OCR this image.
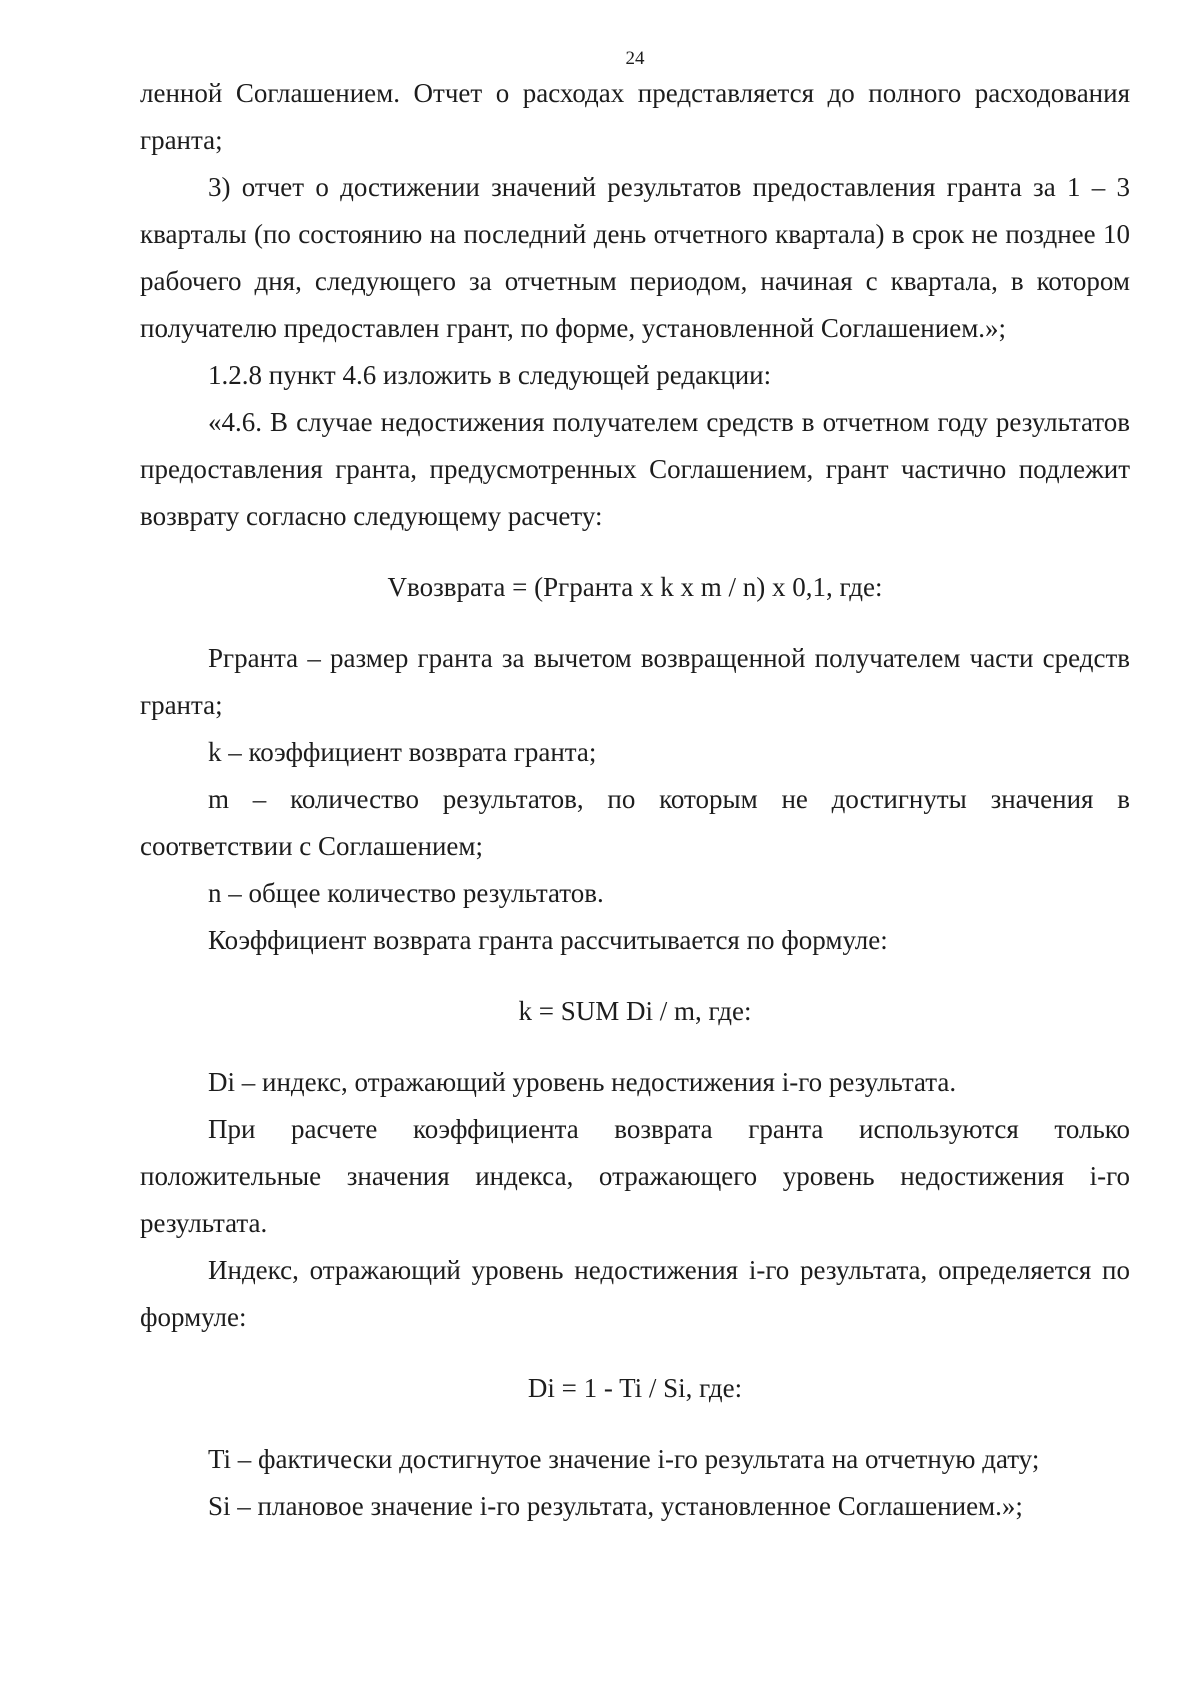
24

ленной Соглашением. Отчет о расходах представляется до полного расходования гранта;

3) отчет о достижении значений результатов предоставления гранта за 1 – 3 кварталы (по состоянию на последний день отчетного квартала) в срок не позднее 10 рабочего дня, следующего за отчетным периодом, начиная с квартала, в котором получателю предоставлен грант, по форме, установленной Соглашением.»;

1.2.8 пункт 4.6 изложить в следующей редакции:

«4.6. В случае недостижения получателем средств в отчетном году результатов предоставления гранта, предусмотренных Соглашением, грант частично подлежит возврату согласно следующему расчету:

Vвозврата = (Ргранта x k x m / n) x 0,1, где:

Ргранта – размер гранта за вычетом возвращенной получателем части средств гранта;

k – коэффициент возврата гранта;

m – количество результатов, по которым не достигнуты значения в соответствии с Соглашением;

n – общее количество результатов.

Коэффициент возврата гранта рассчитывается по формуле:

k = SUM Di / m, где:

Di – индекс, отражающий уровень недостижения i-го результата.

При расчете коэффициента возврата гранта используются только положительные значения индекса, отражающего уровень недостижения i-го результата.

Индекс, отражающий уровень недостижения i-го результата, определяется по формуле:

Di = 1 - Ti / Si, где:

Ti – фактически достигнутое значение i-го результата на отчетную дату;

Si – плановое значение i-го результата, установленное Соглашением.»;
